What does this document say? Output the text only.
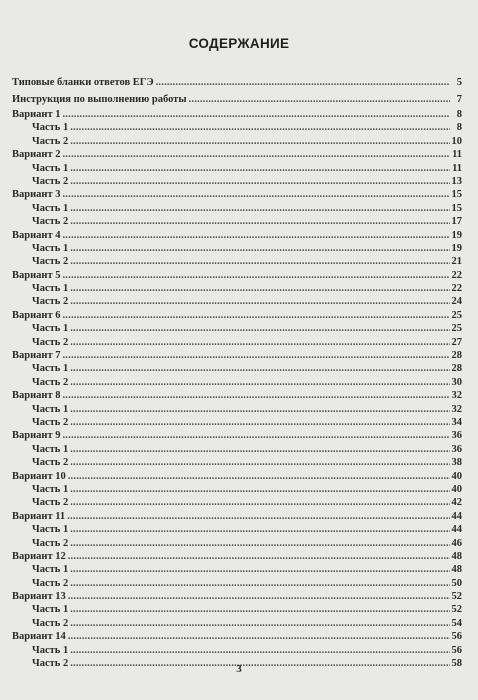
СОДЕРЖАНИЕ
Типовые бланки ответов ЕГЭ .....	5
Инструкция по выполнению работы .....	7
Вариант 1 .....	8
Часть 1 .....	8
Часть 2 .....	10
Вариант 2 .....	11
Часть 1 .....	11
Часть 2 .....	13
Вариант 3 .....	15
Часть 1 .....	15
Часть 2 .....	17
Вариант 4 .....	19
Часть 1 .....	19
Часть 2 .....	21
Вариант 5 .....	22
Часть 1 .....	22
Часть 2 .....	24
Вариант 6 .....	25
Часть 1 .....	25
Часть 2 .....	27
Вариант 7 .....	28
Часть 1 .....	28
Часть 2 .....	30
Вариант 8 .....	32
Часть 1 .....	32
Часть 2 .....	34
Вариант 9 .....	36
Часть 1 .....	36
Часть 2 .....	38
Вариант 10 .....	40
Часть 1 .....	40
Часть 2 .....	42
Вариант 11 .....	44
Часть 1 .....	44
Часть 2 .....	46
Вариант 12 .....	48
Часть 1 .....	48
Часть 2 .....	50
Вариант 13 .....	52
Часть 1 .....	52
Часть 2 .....	54
Вариант 14 .....	56
Часть 1 .....	56
Часть 2 .....	58
3
